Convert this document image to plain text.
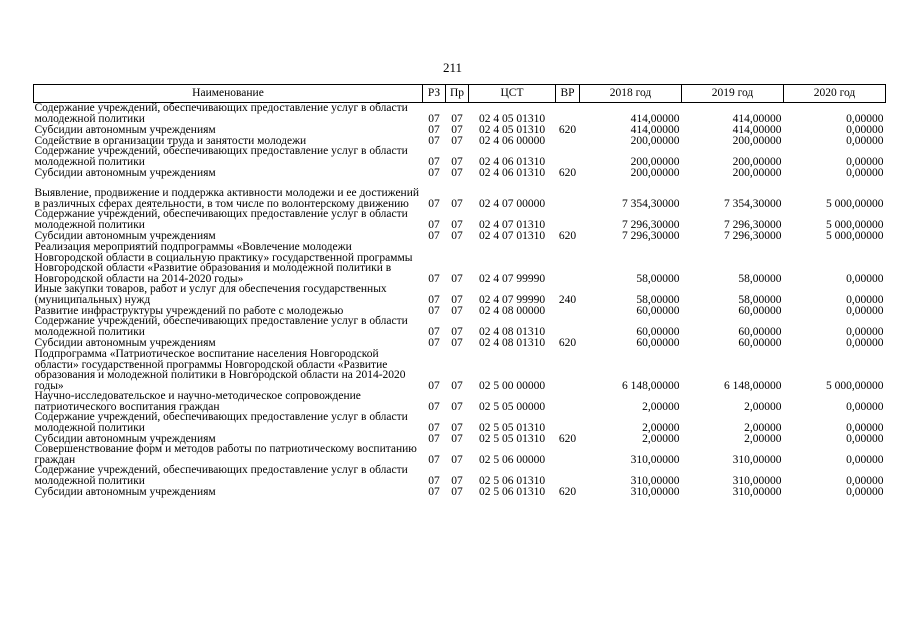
211
Наименование	РЗ	Пр	ЦСТ	ВР	2018 год	2019 год	2020 год
Содержание учреждений, обеспечивающих предоставление услуг в области молодежной политики	07	07	02 4 05 01310		414,00000	414,00000	0,00000
Субсидии автономным учреждениям	07	07	02 4 05 01310	620	414,00000	414,00000	0,00000
Содействие в организации труда и занятости молодежи	07	07	02 4 06 00000		200,00000	200,00000	0,00000
Содержание учреждений, обеспечивающих предоставление услуг в области молодежной политики	07	07	02 4 06 01310		200,00000	200,00000	0,00000
Субсидии автономным учреждениям	07	07	02 4 06 01310	620	200,00000	200,00000	0,00000
Выявление, продвижение и поддержка активности молодежи и ее достижений в различных сферах деятельности, в том числе по волонтерскому движению	07	07	02 4 07 00000		7 354,30000	7 354,30000	5 000,00000
Содержание учреждений, обеспечивающих предоставление услуг в области молодежной политики	07	07	02 4 07 01310		7 296,30000	7 296,30000	5 000,00000
Субсидии автономным учреждениям	07	07	02 4 07 01310	620	7 296,30000	7 296,30000	5 000,00000
Реализация мероприятий подпрограммы «Вовлечение молодежи Новгородской области в социальную практику» государственной программы Новгородской области «Развитие образования и молодежной политики в Новгородской области на 2014-2020 годы»	07	07	02 4 07 99990		58,00000	58,00000	0,00000
Иные закупки товаров, работ и услуг для обеспечения государственных (муниципальных) нужд	07	07	02 4 07 99990	240	58,00000	58,00000	0,00000
Развитие инфраструктуры учреждений по работе с молодежью	07	07	02 4 08 00000		60,00000	60,00000	0,00000
Содержание учреждений, обеспечивающих предоставление услуг в области молодежной политики	07	07	02 4 08 01310		60,00000	60,00000	0,00000
Субсидии автономным учреждениям	07	07	02 4 08 01310	620	60,00000	60,00000	0,00000
Подпрограмма «Патриотическое воспитание населения Новгородской области» государственной программы Новгородской области «Развитие образования и молодежной политики в Новгородской области на 2014-2020 годы»	07	07	02 5 00 00000		6 148,00000	6 148,00000	5 000,00000
Научно-исследовательское и научно-методическое сопровождение патриотического воспитания граждан	07	07	02 5 05 00000		2,00000	2,00000	0,00000
Содержание учреждений, обеспечивающих предоставление услуг в области молодежной политики	07	07	02 5 05 01310		2,00000	2,00000	0,00000
Субсидии автономным учреждениям	07	07	02 5 05 01310	620	2,00000	2,00000	0,00000
Совершенствование форм и методов работы по патриотическому воспитанию граждан	07	07	02 5 06 00000		310,00000	310,00000	0,00000
Содержание учреждений, обеспечивающих предоставление услуг в области молодежной политики	07	07	02 5 06 01310		310,00000	310,00000	0,00000
Субсидии автономным учреждениям	07	07	02 5 06 01310	620	310,00000	310,00000	0,00000
